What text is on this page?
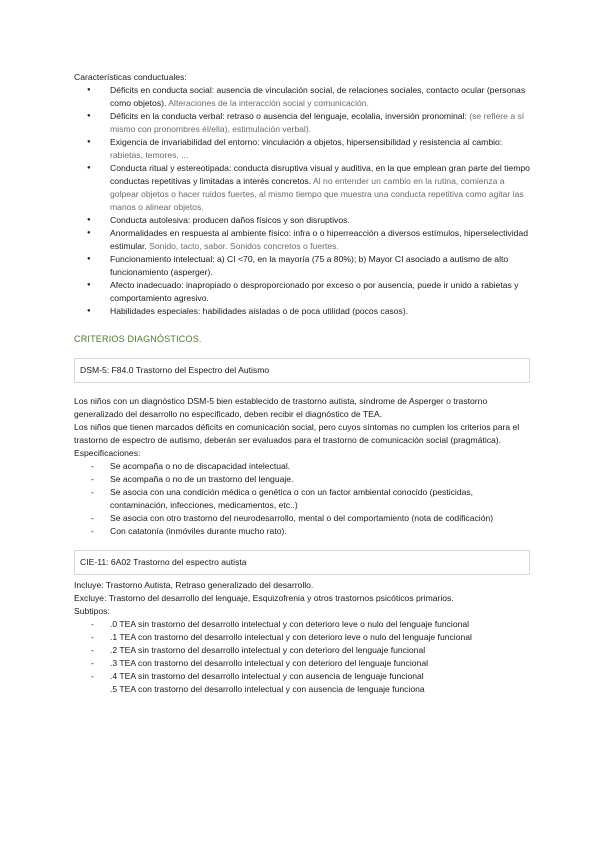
Características conductuales:

● Déficits en conducta social: ausencia de vinculación social, de relaciones sociales, contacto ocular (personas como objetos). Alteraciones de la interacción social y comunicación.
● Déficits en la conducta verbal: retraso o ausencia del lenguaje, ecolalia, inversión pronominal: (se refiere a sí mismo con pronombres él/ella), estimulación verbal).
● Exigencia de invariabilidad del entorno: vinculación a objetos, hipersensibilidad y resistencia al cambio: rabietas, temores, ...
● Conducta ritual y estereotipada: conducta disruptiva visual y auditiva, en la que emplean gran parte del tiempo conductas repetitivas y limitadas a interés concretos. Al no entender un cambio en la rutina, comienza a golpear objetos o hacer ruidos fuertes, al mismo tiempo que muestra una conducta repetitiva como agitar las manos o alinear objetos.
● Conducta autolesiva: producen daños físicos y son disruptivos.
● Anormalidades en respuesta al ambiente físico: infra o o hiperreacción a diversos estímulos, hiperselectividad estimular. Sonido, tacto, sabor. Sonidos concretos o fuertes.
● Funcionamiento intelectual: a) CI <70, en la mayoría (75 a 80%); b) Mayor CI asociado a autismo de alto funcionamiento (asperger).
● Afecto inadecuado: inapropiado o desproporcionado por exceso o por ausencia, puede ir unido a rabietas y comportamiento agresivo.
● Habilidades especiales: habilidades aisladas o de poca utilidad (pocos casos).

CRITERIOS DIAGNÓSTICOS.

DSM-5: F84.0 Trastorno del Espectro del Autismo

Los niños con un diagnóstico DSM-5 bien establecido de trastorno autista, síndrome de Asperger o trastorno generalizado del desarrollo no especificado, deben recibir el diagnóstico de TEA.

Los niños que tienen marcados déficits en comunicación social, pero cuyos síntomas no cumplen los criterios para el trastorno de espectro de autismo, deberán ser evaluados para el trastorno de comunicación social (pragmática).

Especificaciones:

- Se acompaña o no de discapacidad intelectual.
- Se acompaña o no de un trastorno del lenguaje.
- Se asocia con una condición médica o genética o con un factor ambiental conocido (pesticidas, contaminación, infecciones, medicamentos, etc..)
- Se asocia con otro trastorno del neurodesarrollo, mental o del comportamiento (nota de codificación)
- Con catatonía (inmóviles durante mucho rato).
CIE-11: 6A02 Trastorno del espectro autista

Incluye: Trastorno Autista, Retraso generalizado del desarrollo.

Excluye: Trastorno del desarrollo del lenguaje, Esquizofrenia y otros trastornos psicóticos primarios.

Subtipos:

- .0 TEA sin trastorno del desarrollo intelectual y con deterioro leve o nulo del lenguaje funcional
- .1 TEA con trastorno del desarrollo intelectual y con deterioro leve o nulo del lenguaje funcional
- .2 TEA sin trastorno del desarrollo intelectual y con deterioro del lenguaje funcional
- .3 TEA con trastorno del desarrollo intelectual y con deterioro del lenguaje funcional
- .4 TEA sin trastorno del desarrollo intelectual y con ausencia de lenguaje funcional
.5 TEA con trastorno del desarrollo intelectual y con ausencia de lenguaje funciona
